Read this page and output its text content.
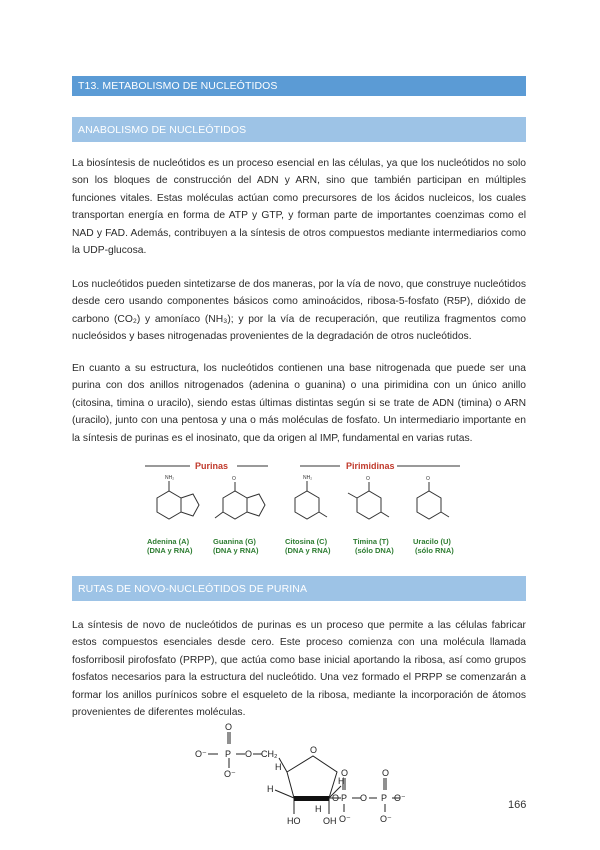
T13. METABOLISMO DE NUCLEÓTIDOS
ANABOLISMO DE NUCLEÓTIDOS

La biosíntesis de nucleótidos es un proceso esencial en las células, ya que los nucleótidos no solo son los bloques de construcción del ADN y ARN, sino que también participan en múltiples funciones vitales. Estas moléculas actúan como precursores de los ácidos nucleicos, los cuales transportan energía en forma de ATP y GTP, y forman parte de importantes coenzimas como el NAD y FAD. Además, contribuyen a la síntesis de otros compuestos mediante intermediarios como la UDP-glucosa.

Los nucleótidos pueden sintetizarse de dos maneras, por la vía de novo, que construye nucleótidos desde cero usando componentes básicos como aminoácidos, ribosa-5-fosfato (R5P), dióxido de carbono (CO₂) y amoníaco (NH₃); y por la vía de recuperación, que reutiliza fragmentos como nucleósidos y bases nitrogenadas provenientes de la degradación de otros nucleótidos.

En cuanto a su estructura, los nucleótidos contienen una base nitrogenada que puede ser una purina con dos anillos nitrogenados (adenina o guanina) o una pirimidina con un único anillo (citosina, timina o uracilo), siendo estas últimas distintas según si se trate de ADN (timina) o ARN (uracilo), junto con una pentosa y una o más moléculas de fosfato. Un intermediario importante en la síntesis de purinas es el inosinato, que da origen al IMP, fundamental en varias rutas.

Purinas	Pirimidinas
NH₂	O	NH₂	O	O
Adenina (A)
(DNA y RNA)
Guanina (G)
(DNA y RNA)
Citosina (C)
(DNA y RNA)
Timina (T)
(sólo DNA)
Uracilo (U)
(sólo RNA)
RUTAS DE NOVO-NUCLEÓTIDOS DE PURINA

La síntesis de novo de nucleótidos de purinas es un proceso que permite a las células fabricar estos compuestos esenciales desde cero. Este proceso comienza con una molécula llamada fosforribosil pirofosfato (PRPP), que actúa como base inicial aportando la ribosa, así como grupos fosfatos necesarios para la estructura del nucleótido. Una vez formado el PRPP se comenzarán a formar los anillos purínicos sobre el esqueleto de la ribosa, mediante la incorporación de átomos provenientes de diferentes moléculas.

O⁻
O
P O CH₂
O⁻
O
H
H
H
H
O P O P O⁻
O	O
O⁻	O⁻
HO	OH
166
